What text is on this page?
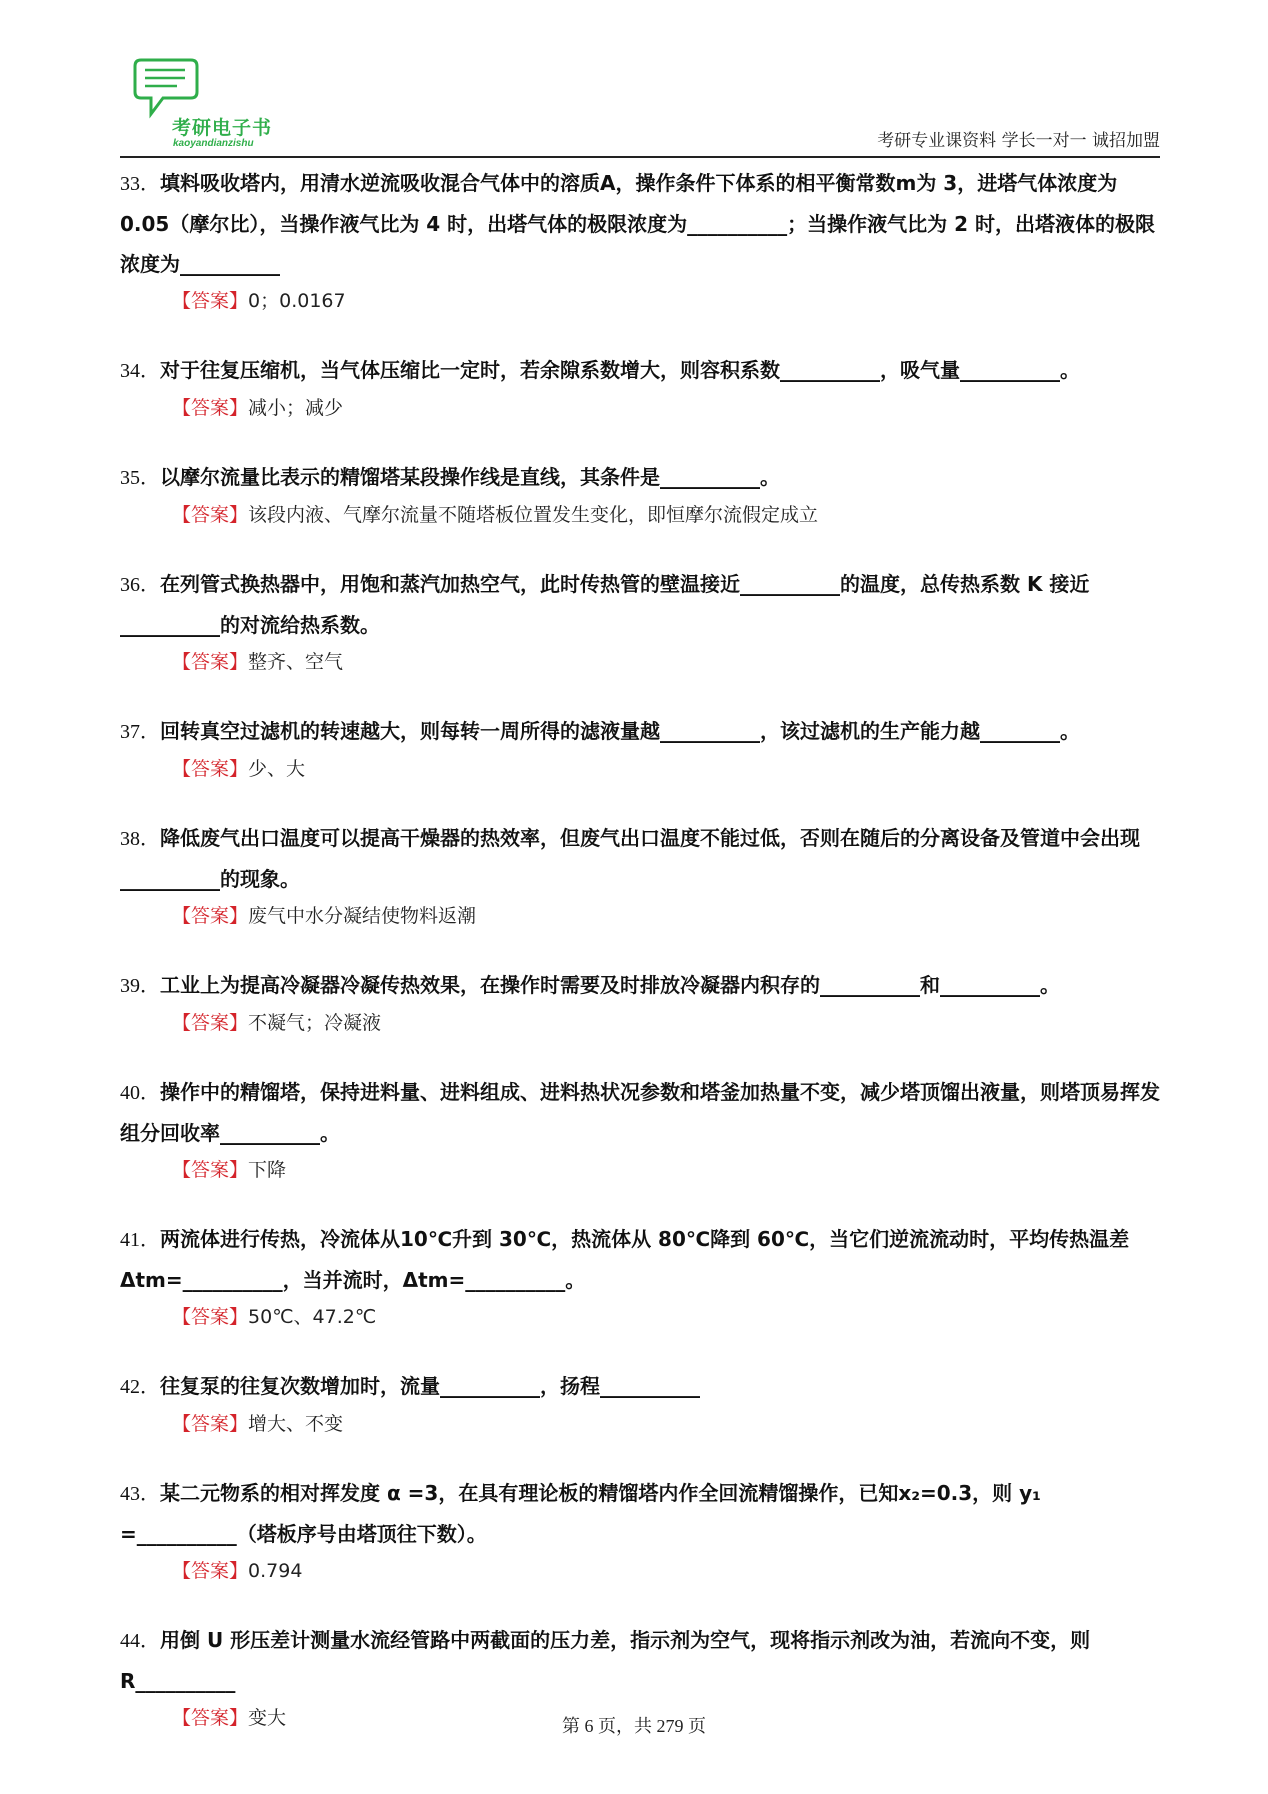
考研电子书
kaoyandianzishu	考研专业课资料 学长一对一 诚招加盟
33．填料吸收塔内，用清水逆流吸收混合气体中的溶质A，操作条件下体系的相平衡常数m为 3，进塔气体浓度为 0.05（摩尔比），当操作液气比为 4 时，出塔气体的极限浓度为__________；当操作液气比为 2 时，出塔液体的极限浓度为__________
【答案】0；0.0167
34．对于往复压缩机，当气体压缩比一定时，若余隙系数增大，则容积系数__________，吸气量__________。
【答案】减小；减少
35．以摩尔流量比表示的精馏塔某段操作线是直线，其条件是__________。
【答案】该段内液、气摩尔流量不随塔板位置发生变化，即恒摩尔流假定成立
36．在列管式换热器中，用饱和蒸汽加热空气，此时传热管的壁温接近__________的温度，总传热系数 K 接近__________的对流给热系数。
【答案】整齐、空气
37．回转真空过滤机的转速越大，则每转一周所得的滤液量越__________，该过滤机的生产能力越________。
【答案】少、大
38．降低废气出口温度可以提高干燥器的热效率，但废气出口温度不能过低，否则在随后的分离设备及管道中会出现__________的现象。
【答案】废气中水分凝结使物料返潮
39．工业上为提高冷凝器冷凝传热效果，在操作时需要及时排放冷凝器内积存的__________和__________。
【答案】不凝气；冷凝液
40．操作中的精馏塔，保持进料量、进料组成、进料热状况参数和塔釜加热量不变，减少塔顶馏出液量，则塔顶易挥发组分回收率__________。
【答案】下降
41．两流体进行传热，冷流体从10℃升到 30℃，热流体从 80℃降到 60℃，当它们逆流流动时，平均传热温差Δtm=__________，当并流时，Δtm=__________。
【答案】50℃、47.2℃
42．往复泵的往复次数增加时，流量__________，扬程__________
【答案】增大、不变
43．某二元物系的相对挥发度 α =3，在具有理论板的精馏塔内作全回流精馏操作，已知x₂=0.3，则 y₁ =__________（塔板序号由塔顶往下数）。
【答案】0.794
44．用倒 U 形压差计测量水流经管路中两截面的压力差，指示剂为空气，现将指示剂改为油，若流向不变，则 R__________
【答案】变大	第 6 页，共 279 页
